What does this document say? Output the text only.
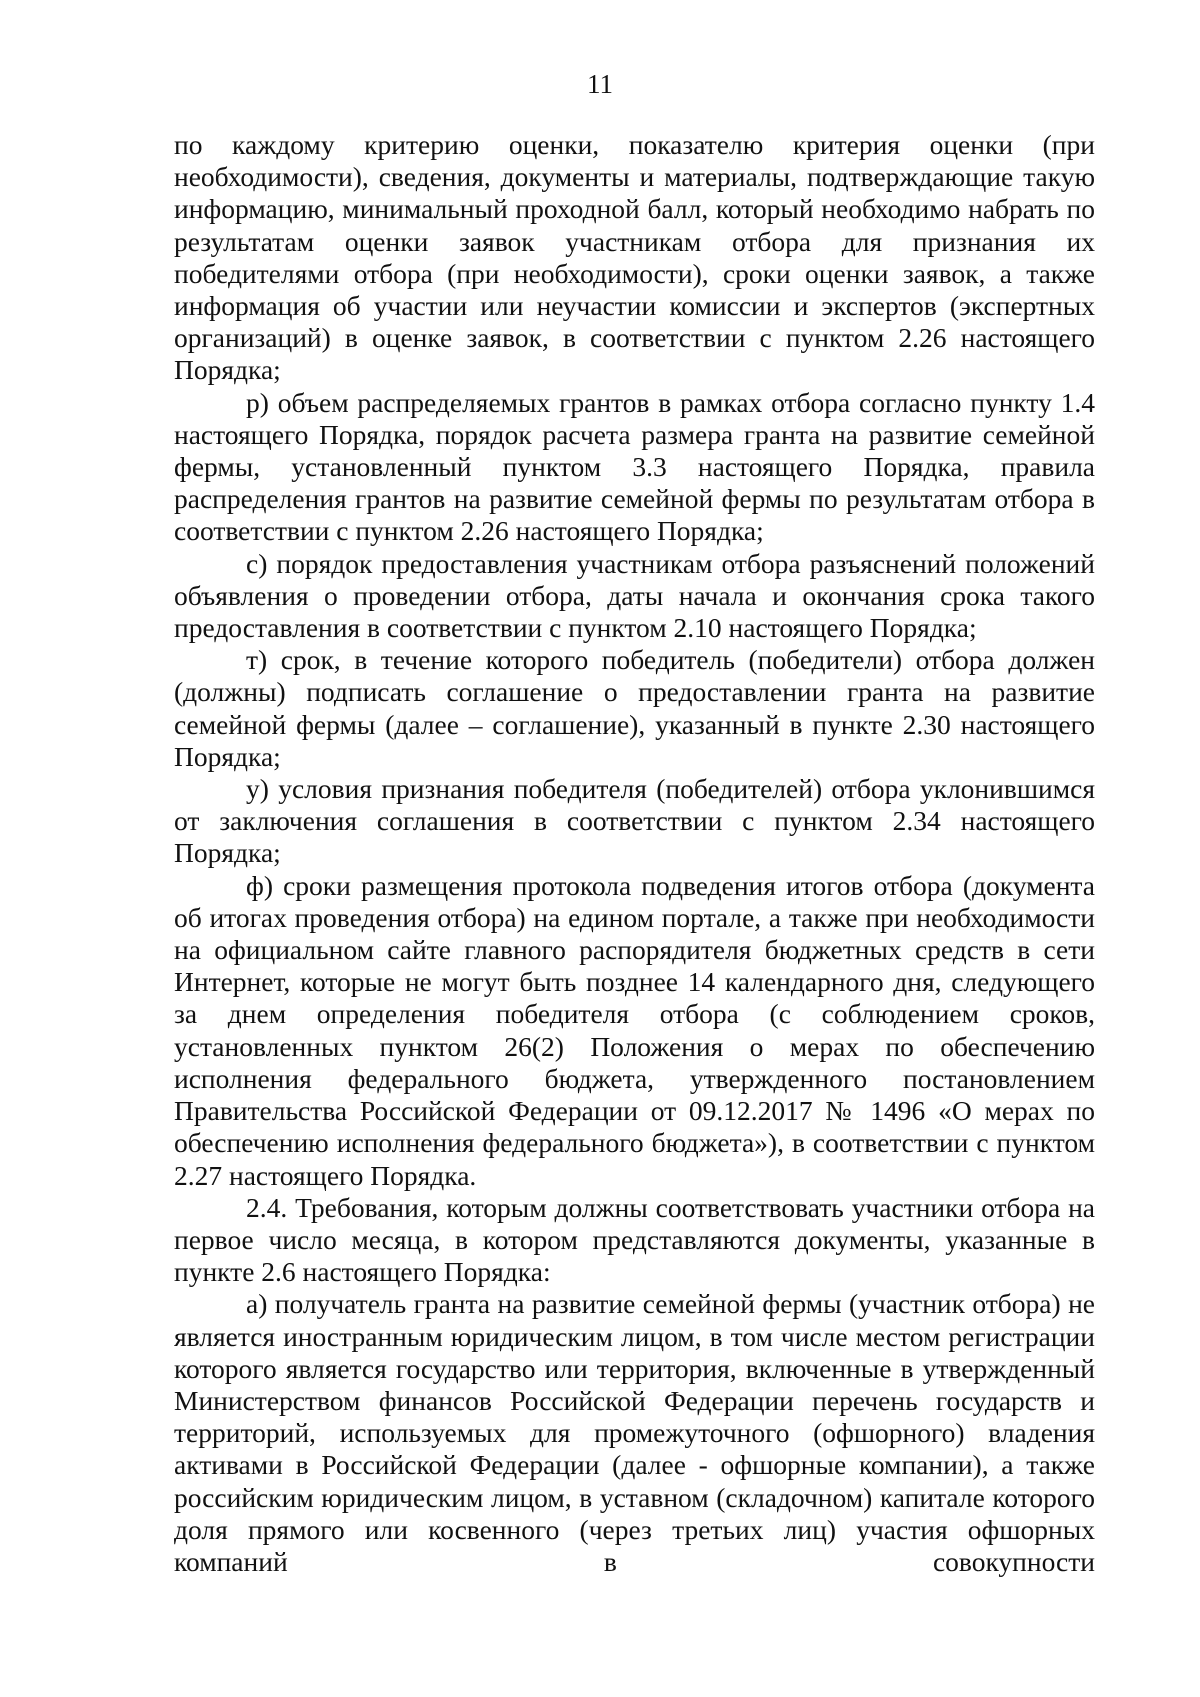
11

по каждому критерию оценки, показателю критерия оценки (при необходимости), сведения, документы и материалы, подтверждающие такую информацию, минимальный проходной балл, который необходимо набрать по результатам оценки заявок участникам отбора для признания их победителями отбора (при необходимости), сроки оценки заявок, а также информация об участии или неучастии комиссии и экспертов (экспертных организаций) в оценке заявок, в соответствии с пунктом 2.26 настоящего Порядка;

р) объем распределяемых грантов в рамках отбора согласно пункту 1.4 настоящего Порядка, порядок расчета размера гранта на развитие семейной фермы, установленный пунктом 3.3 настоящего Порядка, правила распределения грантов на развитие семейной фермы по результатам отбора в соответствии с пунктом 2.26 настоящего Порядка;

с) порядок предоставления участникам отбора разъяснений положений объявления о проведении отбора, даты начала и окончания срока такого предоставления в соответствии с пунктом 2.10 настоящего Порядка;

т) срок, в течение которого победитель (победители) отбора должен (должны) подписать соглашение о предоставлении гранта на развитие семейной фермы (далее – соглашение), указанный в пункте 2.30 настоящего Порядка;

у) условия признания победителя (победителей) отбора уклонившимся от заключения соглашения в соответствии с пунктом 2.34 настоящего Порядка;

ф) сроки размещения протокола подведения итогов отбора (документа об итогах проведения отбора) на едином портале, а также при необходимости на официальном сайте главного распорядителя бюджетных средств в сети Интернет, которые не могут быть позднее 14 календарного дня, следующего за днем определения победителя отбора (с соблюдением сроков, установленных пунктом 26(2) Положения о мерах по обеспечению исполнения федерального бюджета, утвержденного постановлением Правительства Российской Федерации от 09.12.2017 № 1496 «О мерах по обеспечению исполнения федерального бюджета»), в соответствии с пунктом 2.27 настоящего Порядка.

2.4. Требования, которым должны соответствовать участники отбора на первое число месяца, в котором представляются документы, указанные в пункте 2.6 настоящего Порядка:

а) получатель гранта на развитие семейной фермы (участник отбора) не является иностранным юридическим лицом, в том числе местом регистрации которого является государство или территория, включенные в утвержденный Министерством финансов Российской Федерации перечень государств и территорий, используемых для промежуточного (офшорного) владения активами в Российской Федерации (далее - офшорные компании), а также российским юридическим лицом, в уставном (складочном) капитале которого доля прямого или косвенного (через третьих лиц) участия офшорных компаний в совокупности
